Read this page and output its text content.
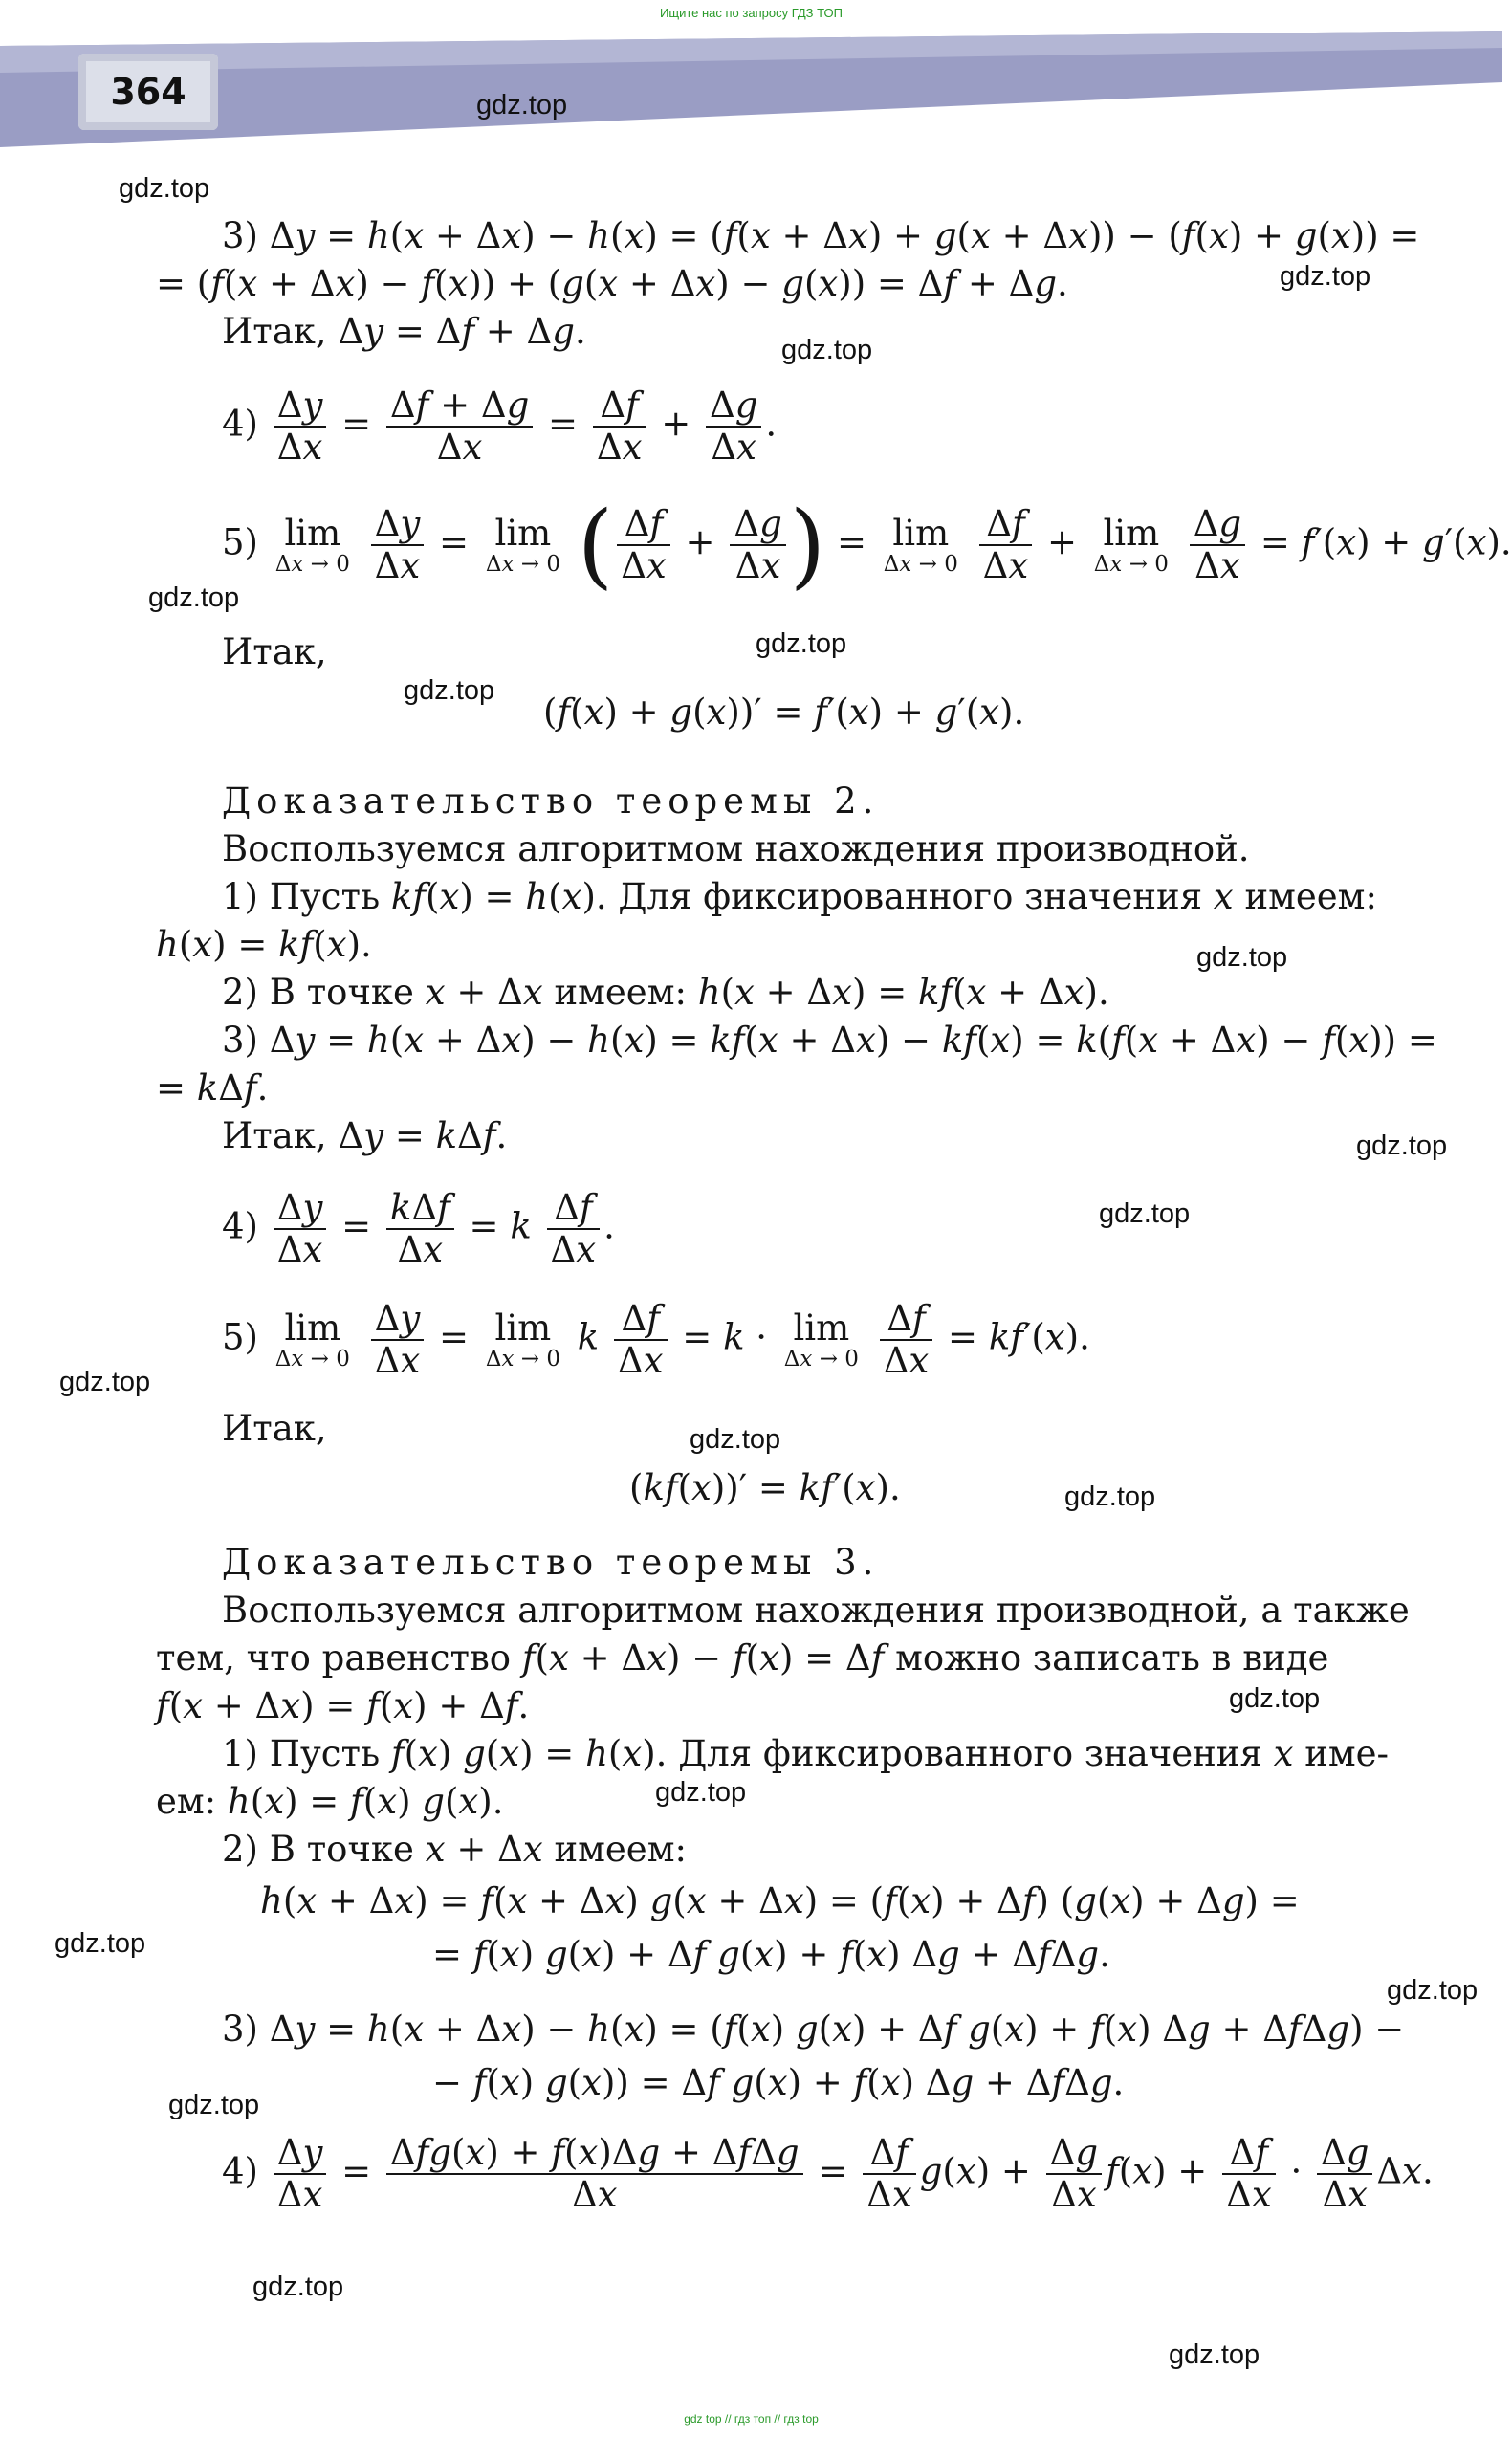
Ищите нас по запросу ГДЗ ТОП
364	gdz.top
gdz.top
gdz.top
gdz.top
gdz.top
gdz.top
gdz.top
gdz.top
gdz.top
gdz.top
gdz.top
gdz.top
gdz.top
gdz.top
gdz.top
gdz.top
gdz.top
gdz.top
gdz.top
gdz.top
3) Δy = h(x + Δx) − h(x) = (f(x + Δx) + g(x + Δx)) − (f(x) + g(x)) =
= (f(x + Δx) − f(x)) + (g(x + Δx) − g(x)) = Δf + Δg.
Итак, Δy = Δf + Δg.
$4) \frac{\Delta y}{\Delta x} = \frac{\Delta f + \Delta g}{\Delta x} = \frac{\Delta f}{\Delta x} + \frac{\Delta g}{\Delta x}$ .
5) lim
Δx → 0
$\frac{\Delta y}{\Delta x} = \lim$
Δx → 0 ( $\frac{\Delta f}{\Delta x} + \frac{\Delta g}{\Delta x}$ ) = lim
Δx → 0
$\frac{\Delta f}{\Delta x} + \lim$
Δx → 0
$\frac{\Delta g}{\Delta x} = f'(x) + g'(x)$.
Итак,
(f(x) + g(x))′ = f′(x) + g′(x).
Доказательство теоремы 2.
Воспользуемся алгоритмом нахождения производной.
1) Пусть kf(x) = h(x). Для фиксированного значения x имеем:
h(x) = kf(x).
2) В точке x + Δx имеем: h(x + Δx) = kf(x + Δx).
3) Δy = h(x + Δx) − h(x) = kf(x + Δx) − kf(x) = k(f(x + Δx) − f(x)) =
= kΔf.
Итак, Δy = kΔf.
$4) \frac{\Delta y}{\Delta x} = k\Delta f$
Δx
= k $\frac{\Delta f}{\Delta x}$ .
5) lim
Δx → 0
$\frac{\Delta y}{\Delta x} = \lim$
Δx → 0
k $\frac{\Delta f}{\Delta x} = k \cdot \lim$
Δx → 0
$\frac{\Delta f}{\Delta x} = kf'(x)$.
Итак,
(kf(x))′ = kf′(x).
Доказательство теоремы 3.
Воспользуемся алгоритмом нахождения производной, а также
тем, что равенство f(x + Δx) − f(x) = Δf можно записать в виде
f(x + Δx) = f(x) + Δf.
1) Пусть f(x) g(x) = h(x). Для фиксированного значения x име-
ем: h(x) = f(x) g(x).
2) В точке x + Δx имеем:
h(x + Δx) = f(x + Δx) g(x + Δx) = (f(x) + Δf) (g(x) + Δg) =
= f(x) g(x) + Δf g(x) + f(x) Δg + ΔfΔg.
3) Δy = h(x + Δx) − h(x) = (f(x) g(x) + Δf g(x) + f(x) Δg + ΔfΔg) −
− f(x) g(x)) = Δf g(x) + f(x) Δg + ΔfΔg.
$4) \frac{\Delta y}{\Delta x} = \Delta fg(x) + f(x)\Delta g + \Delta f\Delta g$
Δx
= $\frac{\Delta f}{\Delta x} g(x) + \frac{\Delta g}{\Delta x} f(x) + \frac{\Delta f}{\Delta x} \cdot \frac{\Delta g}{\Delta x} \Delta x$.
gdz top // гдз топ // гдз top
